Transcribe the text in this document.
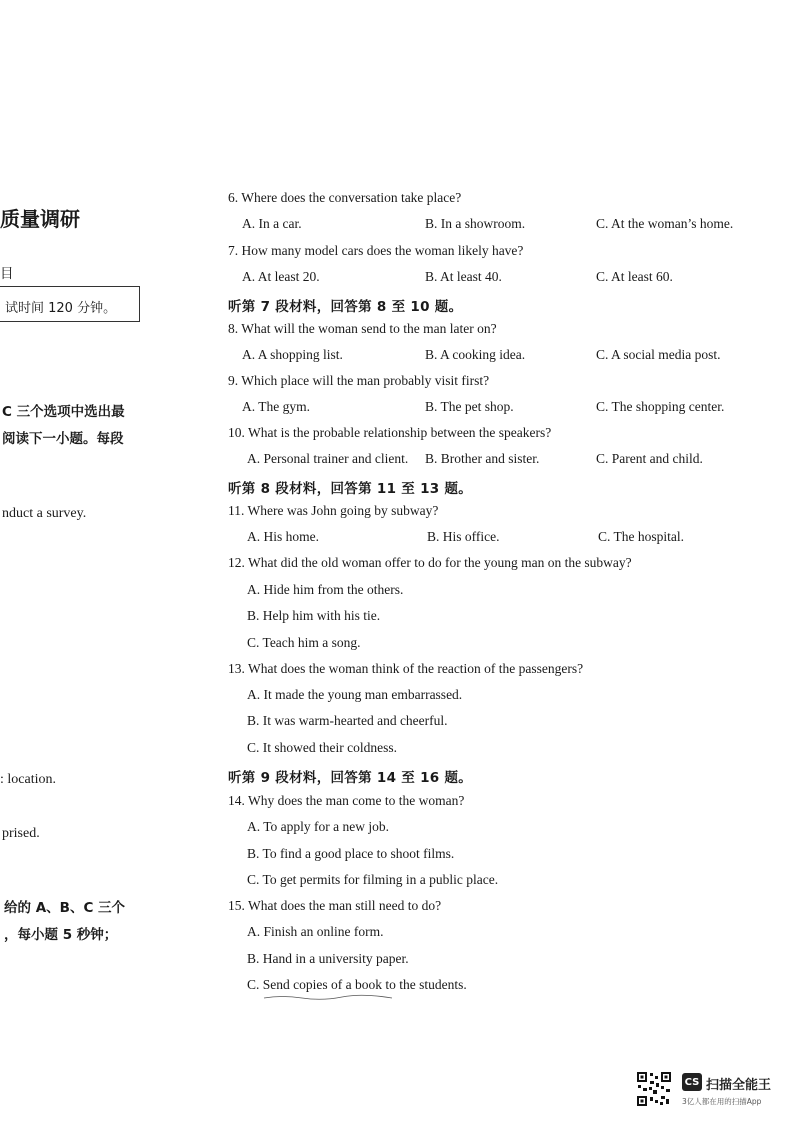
质量调研
目
试时间 120 分钟。
C 三个选项中选出最
阅读下一小题。每段
nduct a survey.
: location.
prised.
给的 A、B、C 三个
，每小题 5 秒钟；
6. Where does the conversation take place?
A. In a car.	B. In a showroom.	C. At the woman’s home.
7. How many model cars does the woman likely have?
A. At least 20.	B. At least 40.	C. At least 60.
听第 7 段材料，回答第 8 至 10 题。
8. What will the woman send to the man later on?
A. A shopping list.	B. A cooking idea.	C. A social media post.
9. Which place will the man probably visit first?
A. The gym.	B. The pet shop.	C. The shopping center.
10. What is the probable relationship between the speakers?
A. Personal trainer and client. B. Brother and sister.	C. Parent and child.
听第 8 段材料，回答第 11 至 13 题。
11. Where was John going by subway?
A. His home.	B. His office.	C. The hospital.
12. What did the old woman offer to do for the young man on the subway?
A. Hide him from the others.
B. Help him with his tie.
C. Teach him a song.
13. What does the woman think of the reaction of the passengers?
A. It made the young man embarrassed.
B. It was warm-hearted and cheerful.
C. It showed their coldness.
听第 9 段材料，回答第 14 至 16 题。
14. Why does the man come to the woman?
A. To apply for a new job.
B. To find a good place to shoot films.
C. To get permits for filming in a public place.
15. What does the man still need to do?
A. Finish an online form.
B. Hand in a university paper.
C. Send copies of a book to the students.
CS 扫描全能王
3亿人都在用的扫描App
